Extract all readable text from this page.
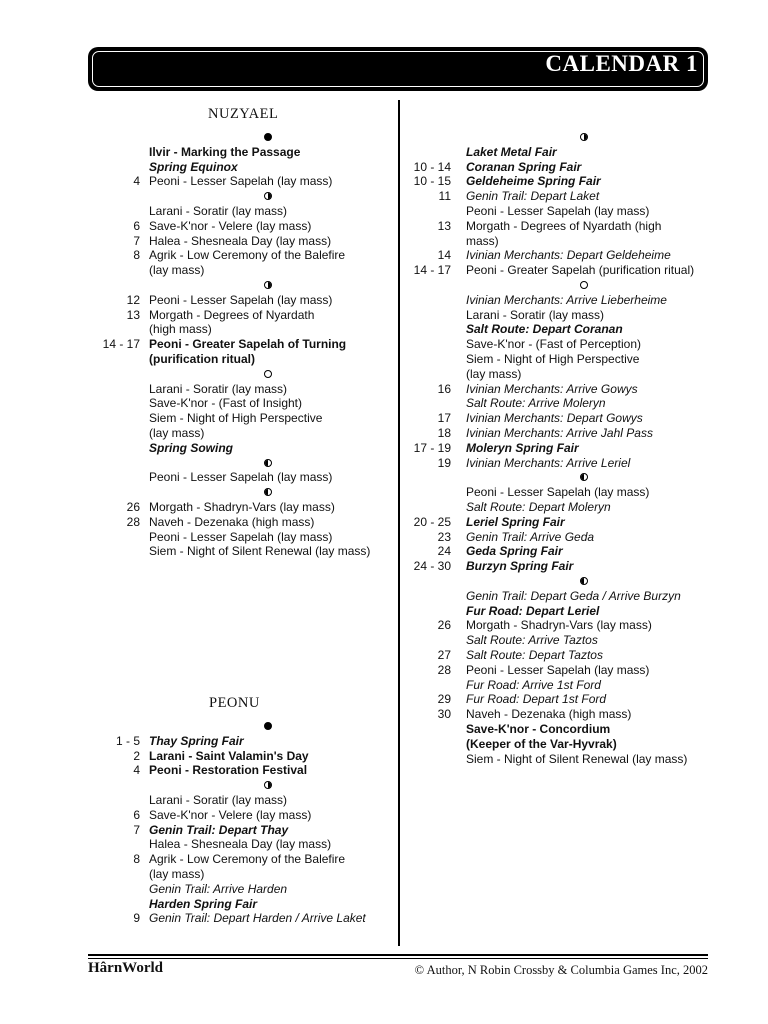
CALENDAR 1
NUZYAEL
PEONU
Ilvir - Marking the Passage
Spring Equinox
4 Peoni - Lesser Sapelah (lay mass)
Larani - Soratir (lay mass)
6 Save-K'nor - Velere (lay mass)
7 Halea - Shesneala Day (lay mass)
8 Agrik - Low Ceremony of the Balefire
(lay mass)
12 Peoni - Lesser Sapelah (lay mass)
13 Morgath - Degrees of Nyardath
(high mass)
14 - 17 Peoni - Greater Sapelah of Turning
(purification ritual)
Larani - Soratir (lay mass)
Save-K'nor - (Fast of Insight)
Siem - Night of High Perspective
(lay mass)
Spring Sowing
Peoni - Lesser Sapelah (lay mass)
26 Morgath - Shadryn-Vars (lay mass)
28 Naveh - Dezenaka (high mass)
Peoni - Lesser Sapelah (lay mass)
Siem - Night of Silent Renewal (lay mass)
1 - 5 Thay Spring Fair
2 Larani - Saint Valamin's Day
4 Peoni - Restoration Festival
Larani - Soratir (lay mass)
6 Save-K'nor - Velere (lay mass)
7 Genin Trail: Depart Thay
Halea - Shesneala Day (lay mass)
8 Agrik - Low Ceremony of the Balefire
(lay mass)
Genin Trail: Arrive Harden
Harden Spring Fair
9 Genin Trail: Depart Harden / Arrive Laket
Laket Metal Fair
10 - 14 Coranan Spring Fair
10 - 15 Geldeheime Spring Fair
11 Genin Trail: Depart Laket
Peoni - Lesser Sapelah (lay mass)
13 Morgath - Degrees of Nyardath (high
mass)
14 Ivinian Merchants: Depart Geldeheime
14 - 17 Peoni - Greater Sapelah (purification ritual)
Ivinian Merchants: Arrive Lieberheime
Larani - Soratir (lay mass)
Salt Route: Depart Coranan
Save-K'nor - (Fast of Perception)
Siem - Night of High Perspective
(lay mass)
16 Ivinian Merchants: Arrive Gowys
Salt Route: Arrive Moleryn
17 Ivinian Merchants: Depart Gowys
18 Ivinian Merchants: Arrive Jahl Pass
17 - 19 Moleryn Spring Fair
19 Ivinian Merchants: Arrive Leriel
Peoni - Lesser Sapelah (lay mass)
Salt Route: Depart Moleryn
20 - 25 Leriel Spring Fair
23 Genin Trail: Arrive Geda
24 Geda Spring Fair
24 - 30 Burzyn Spring Fair
Genin Trail: Depart Geda / Arrive Burzyn
Fur Road: Depart Leriel
26 Morgath - Shadryn-Vars (lay mass)
Salt Route: Arrive Taztos
27 Salt Route: Depart Taztos
28 Peoni - Lesser Sapelah (lay mass)
Fur Road: Arrive 1st Ford
29 Fur Road: Depart 1st Ford
30 Naveh - Dezenaka (high mass)
Save-K'nor - Concordium
(Keeper of the Var-Hyvrak)
Siem - Night of Silent Renewal (lay mass)
HârnWorld	© Author, N Robin Crossby & Columbia Games Inc, 2002
